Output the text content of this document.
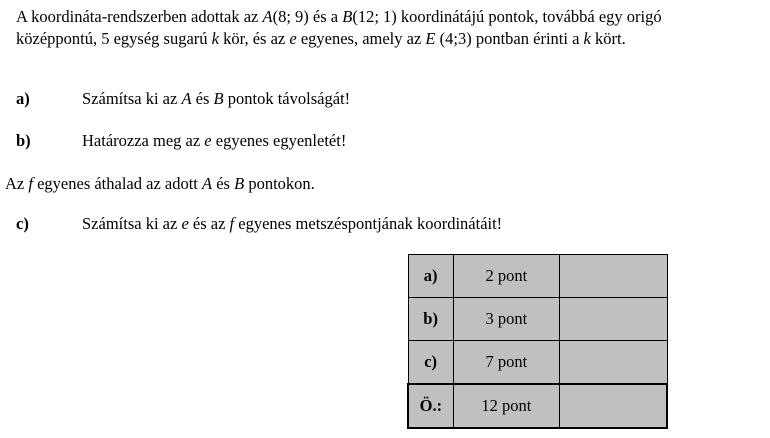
A koordináta-rendszerben adottak az A(8; 9) és a B(12; 1) koordinátájú pontok, továbbá egy origó középpontú, 5 egység sugarú k kör, és az e egyenes, amely az E (4;3) pontban érinti a k kört.

a)	Számítsa ki az A és B pontok távolságát!
b)	Határozza meg az e egyenes egyenletét!
Az f egyenes áthalad az adott A és B pontokon.
c)	Számítsa ki az e és az f egyenes metszéspontjának koordinátáit!
a)	2 pont	
b)	3 pont	
c)	7 pont	
Ö.:	12 pont	
